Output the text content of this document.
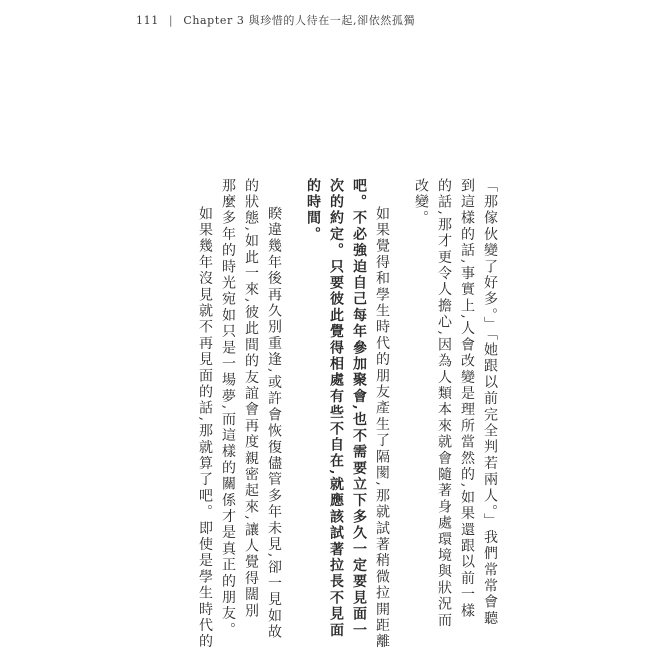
111 | Chapter 3 與珍惜的人待在一起,卻依然孤獨
「那傢伙變了好多。」「她跟以前完全判若兩人。」我們常常會聽
到這樣的話,事實上,人會改變是理所當然的,如果還跟以前一樣
的話,那才更令人擔心,因為人類本來就會隨著身處環境與狀況而
改變。
如果覺得和學生時代的朋友產生了隔閡,那就試著稍微拉開距離
吧。不必強迫自己每年參加聚會,也不需要立下多久一定要見面一
次的約定。只要彼此覺得相處有些不自在,就應該試著拉長不見面
的時間。
睽違幾年後再久別重逢,或許會恢復儘管多年未見,卻一見如故
的狀態,如此一來,彼此間的友誼會再度親密起來,讓人覺得闊別
那麼多年的時光宛如只是一場夢,而這樣的關係才是真正的朋友。
如果幾年沒見就不再見面的話,那就算了吧。即使是學生時代的
